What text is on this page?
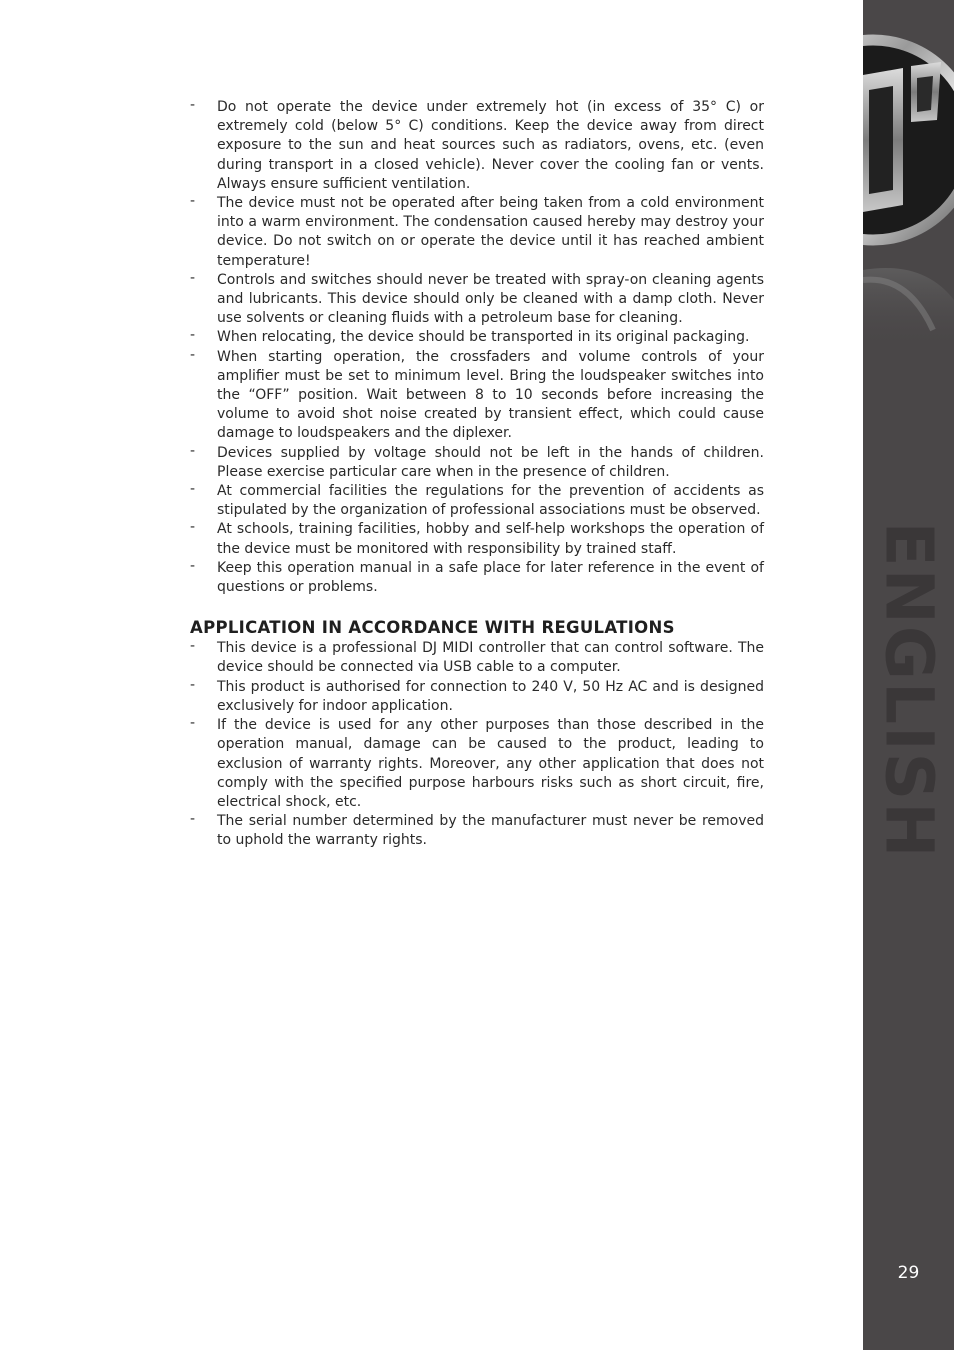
- Do not operate the device under extremely hot (in excess of 35° C) or extremely cold (below 5° C) conditions. Keep the device away from direct exposure to the sun and heat sources such as radiators, ovens, etc. (even during transport in a closed vehicle). Never cover the cooling fan or vents. Always ensure sufficient ventilation.
- The device must not be operated after being taken from a cold environment into a warm environment. The condensation caused hereby may destroy your device. Do not switch on or operate the device until it has reached ambient temperature!
- Controls and switches should never be treated with spray-on cleaning agents and lubricants. This device should only be cleaned with a damp cloth. Never use solvents or cleaning fluids with a petroleum base for cleaning.
- When relocating, the device should be transported in its original packaging.
- When starting operation, the crossfaders and volume controls of your amplifier must be set to minimum level. Bring the loudspeaker switches into the “OFF” position. Wait between 8 to 10 seconds before increasing the volume to avoid shot noise created by transient effect, which could cause damage to loudspeakers and the diplexer.
- Devices supplied by voltage should not be left in the hands of children. Please exercise particular care when in the presence of children.
- At commercial facilities the regulations for the prevention of accidents as stipulated by the organization of professional associations must be observed.
- At schools, training facilities, hobby and self-help workshops the operation of the device must be monitored with responsibility by trained staff.
- Keep this operation manual in a safe place for later reference in the event of questions or problems.
APPLICATION IN ACCORDANCE WITH REGULATIONS
- This device is a professional DJ MIDI controller that can control software. The device should be connected via USB cable to a computer.
- This product is authorised for connection to 240 V, 50 Hz AC and is designed exclusively for indoor application.
- If the device is used for any other purposes than those described in the operation manual, damage can be caused to the product, leading to exclusion of warranty rights. Moreover, any other application that does not comply with the specified purpose harbours risks such as short circuit, fire, electrical shock, etc.
- The serial number determined by the manufacturer must never be removed to uphold the warranty rights.	ENGLISH
29
